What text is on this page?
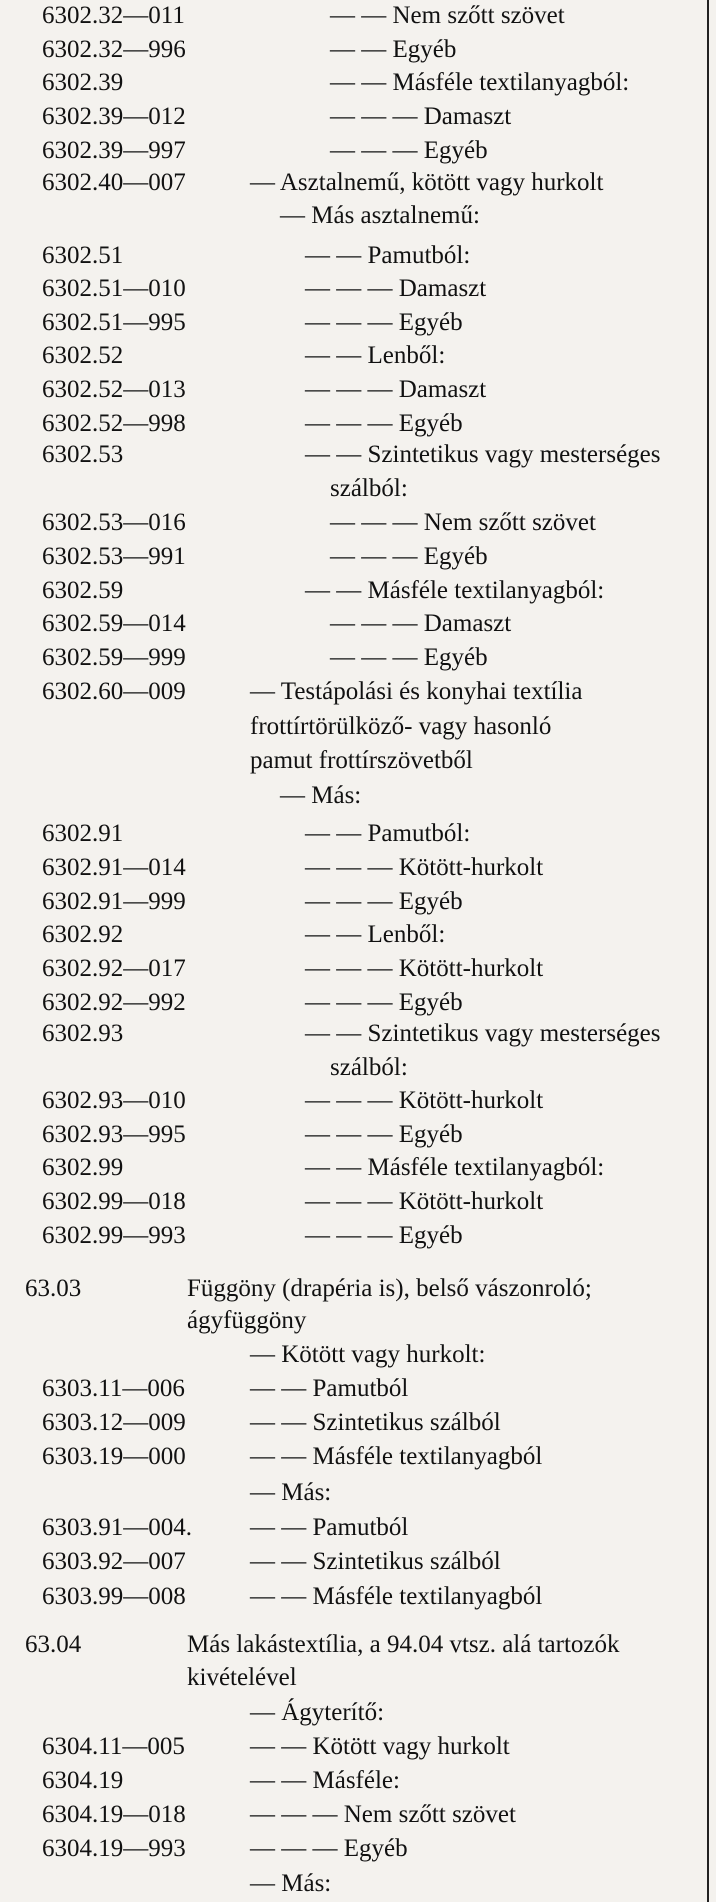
6302.32—011	— — Nem szőtt szövet
6302.32—996	— — Egyéb
6302.39	— — Másféle textilanyagból:
6302.39—012	— — — Damaszt
6302.39—997	— — — Egyéb
6302.40—007	— Asztalnemű, kötött vagy hurkolt
— Más asztalnemű:
6302.51	— — Pamutból:
6302.51—010	— — — Damaszt
6302.51—995	— — — Egyéb
6302.52	— — Lenből:
6302.52—013	— — — Damaszt
6302.52—998	— — — Egyéb
6302.53	— — Szintetikus vagy mesterséges
szálból:
6302.53—016	— — — Nem szőtt szövet
6302.53—991	— — — Egyéb
6302.59	— — Másféle textilanyagból:
6302.59—014	— — — Damaszt
6302.59—999	— — — Egyéb
6302.60—009	— Testápolási és konyhai textília
frottírtörülköző- vagy hasonló
pamut frottírszövetből
— Más:
6302.91	— — Pamutból:
6302.91—014	— — — Kötött-hurkolt
6302.91—999	— — — Egyéb
6302.92	— — Lenből:
6302.92—017	— — — Kötött-hurkolt
6302.92—992	— — — Egyéb
6302.93	— — Szintetikus vagy mesterséges
szálból:
6302.93—010	— — — Kötött-hurkolt
6302.93—995	— — — Egyéb
6302.99	— — Másféle textilanyagból:
6302.99—018	— — — Kötött-hurkolt
6302.99—993	— — — Egyéb
63.03	Függöny (drapéria is), belső vászonroló;
ágyfüggöny
— Kötött vagy hurkolt:
6303.11—006	— — Pamutból
6303.12—009	— — Szintetikus szálból
6303.19—000	— — Másféle textilanyagból
— Más:
6303.91—004. — — Pamutból
6303.92—007	— — Szintetikus szálból
6303.99—008	— — Másféle textilanyagból
63.04	Más lakástextília, a 94.04 vtsz. alá tartozók
kivételével
— Ágyterítő:
6304.11—005	— — Kötött vagy hurkolt
6304.19	— — Másféle:
6304.19—018	— — — Nem szőtt szövet
6304.19—993	— — — Egyéb
— Más:
